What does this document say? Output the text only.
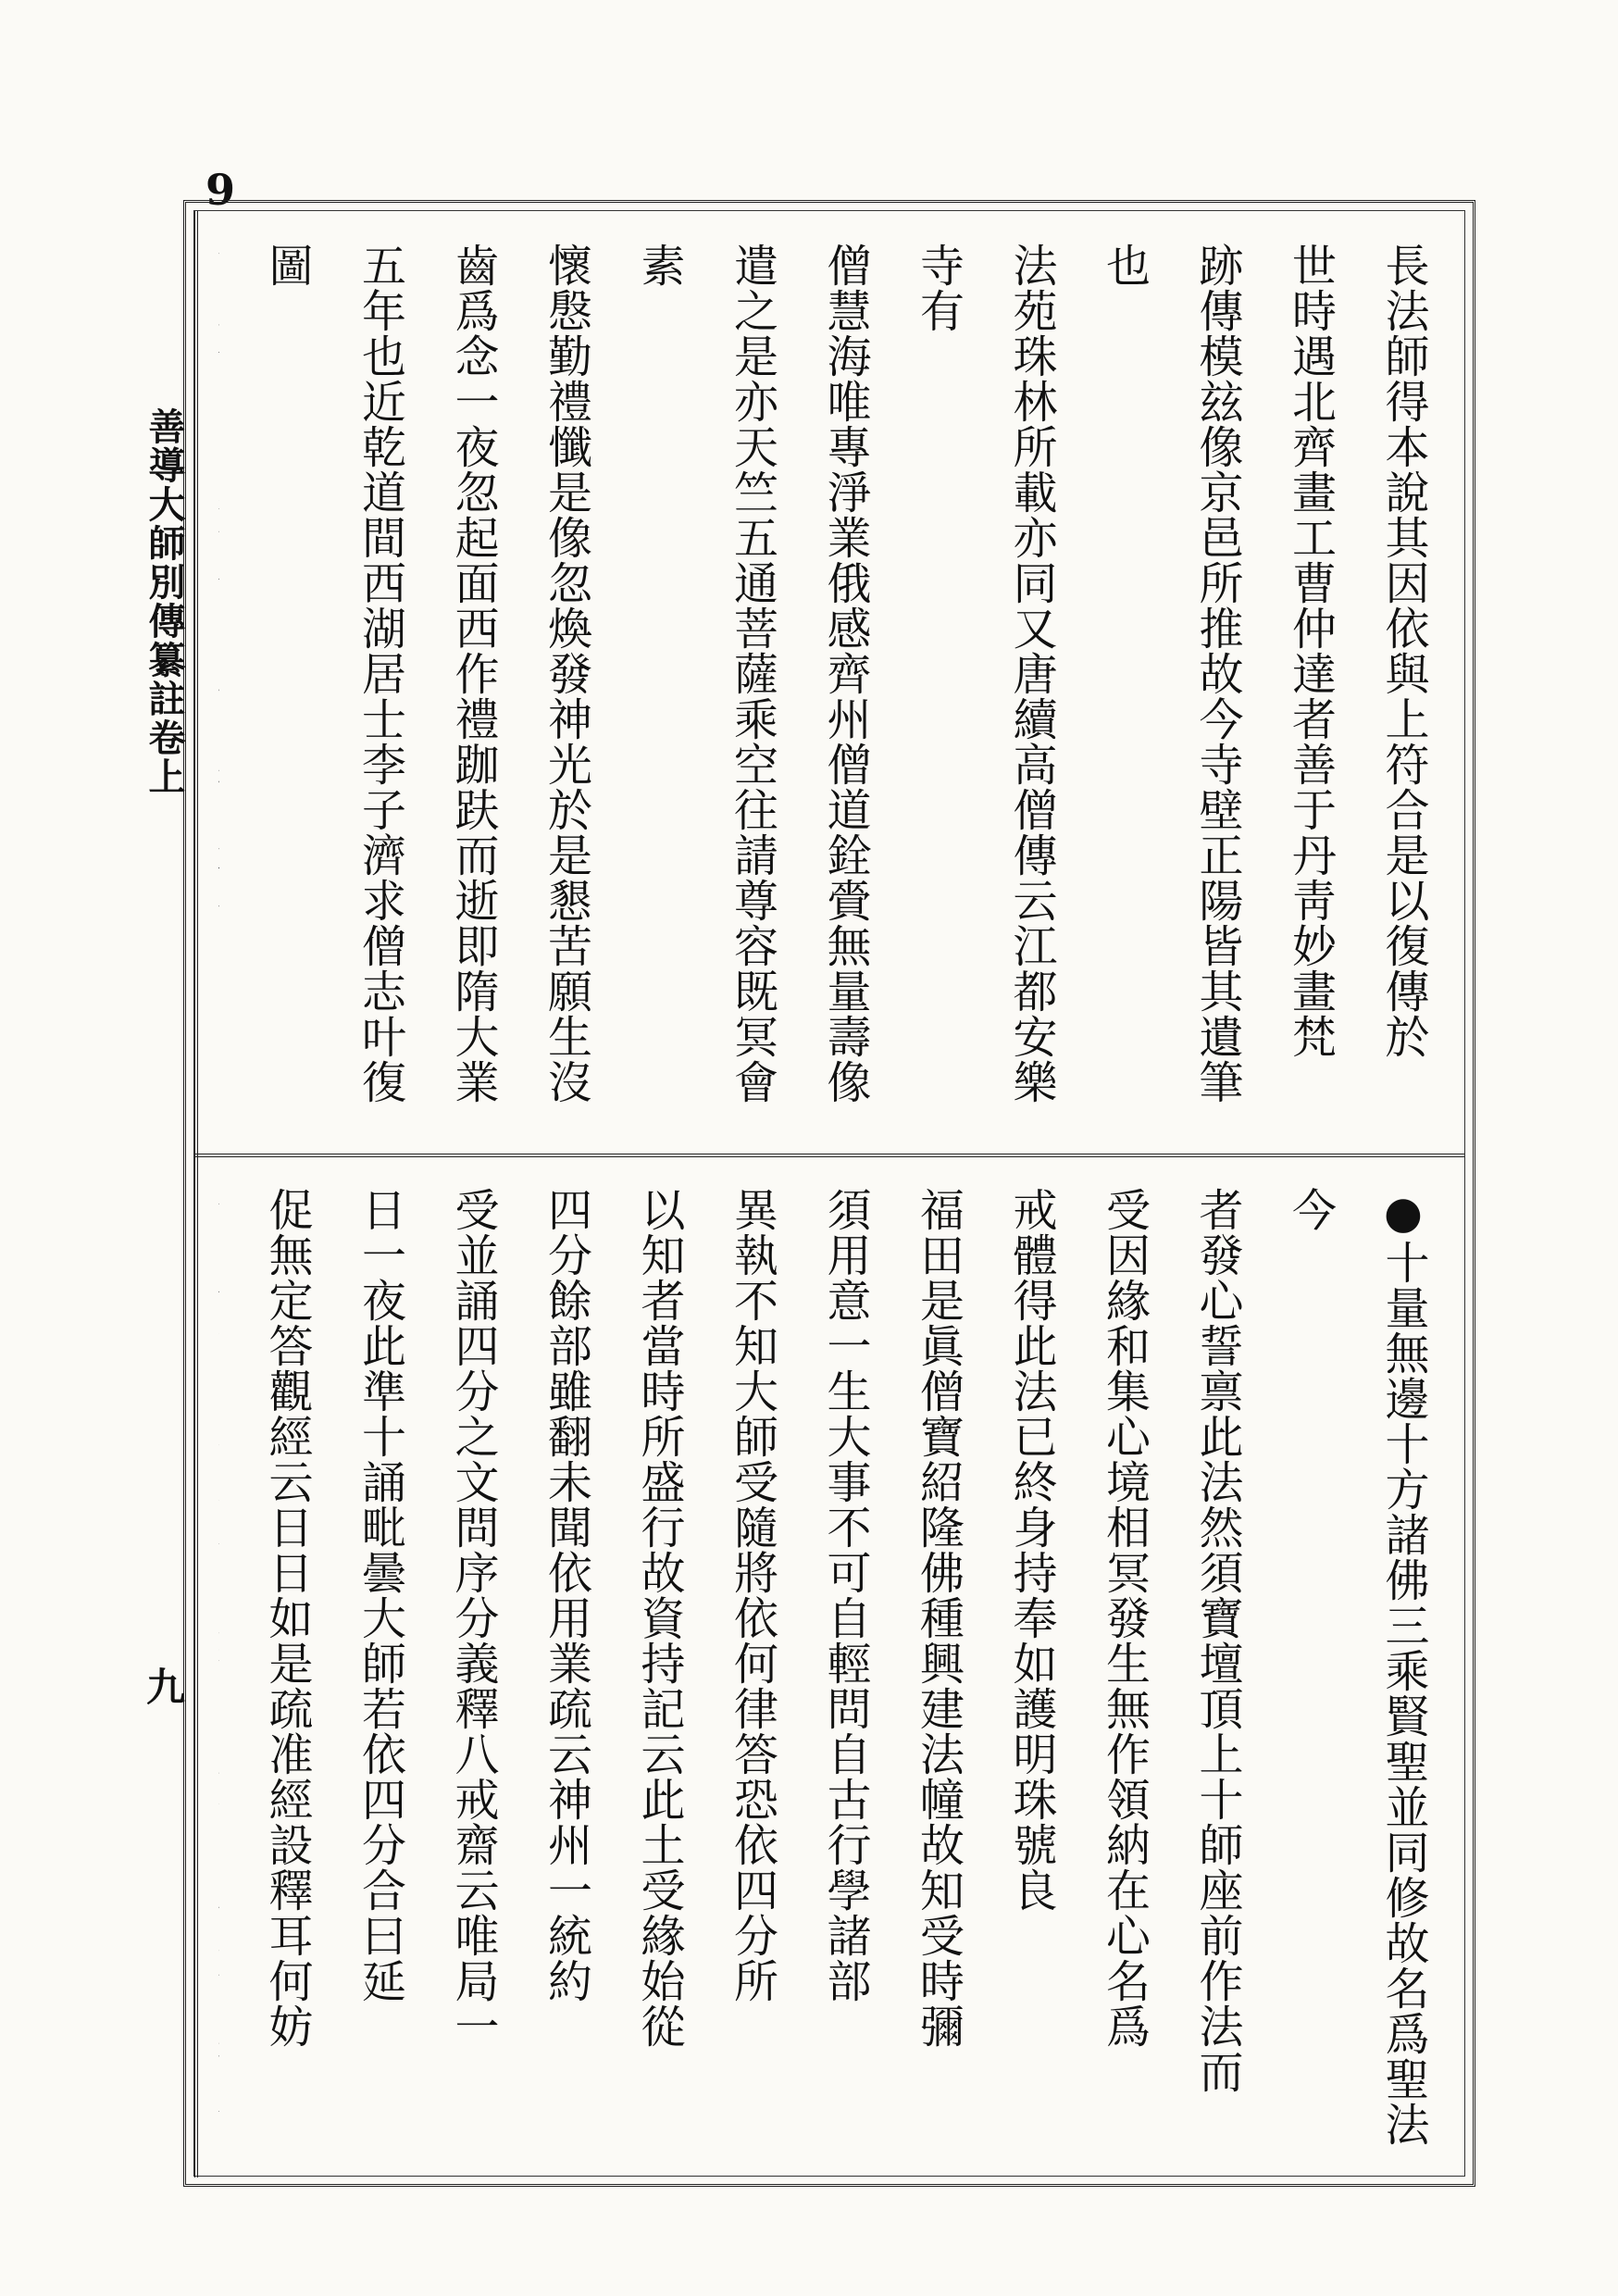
9
善導大師別傳纂註卷上
九
長法師得本說其因依與上符合是以復傳於
世時遇北齊畫工曹仲達者善于丹靑妙畫梵
跡傳模玆像京邑所推故今寺壁正陽皆其遺筆也
法苑珠林所載亦同又唐續高僧傳云江都安樂寺有
僧慧海唯專淨業俄感齊州僧道銓賫無量壽像
遣之是亦天竺五通菩薩乘空往請尊容既冥會素
懷慇勤禮懺是像忽煥發神光於是懇苦願生沒
齒爲念一夜忽起面西作禮跏趺而逝即隋大業
五年也近乾道間西湖居士李子濟求僧志叶復圖
●十量無邊十方諸佛三乘賢聖並同修故名爲聖法今
者發心誓禀此法然須寶壇頂上十師座前作法而
受因緣和集心境相冥發生無作領納在心名爲
戒體得此法已終身持奉如護明珠號良
福田是眞僧寶紹隆佛種興建法幢故知受時彌
須用意一生大事不可自輕問自古行學諸部
異執不知大師受隨將依何律答恐依四分所
以知者當時所盛行故資持記云此土受緣始從
四分餘部雖翻未聞依用業疏云神州一統約
受並誦四分之文問序分義釋八戒齋云唯局一
日一夜此準十誦毗曇大師若依四分合曰延
促無定答觀經云日日如是疏准經設釋耳何妨
